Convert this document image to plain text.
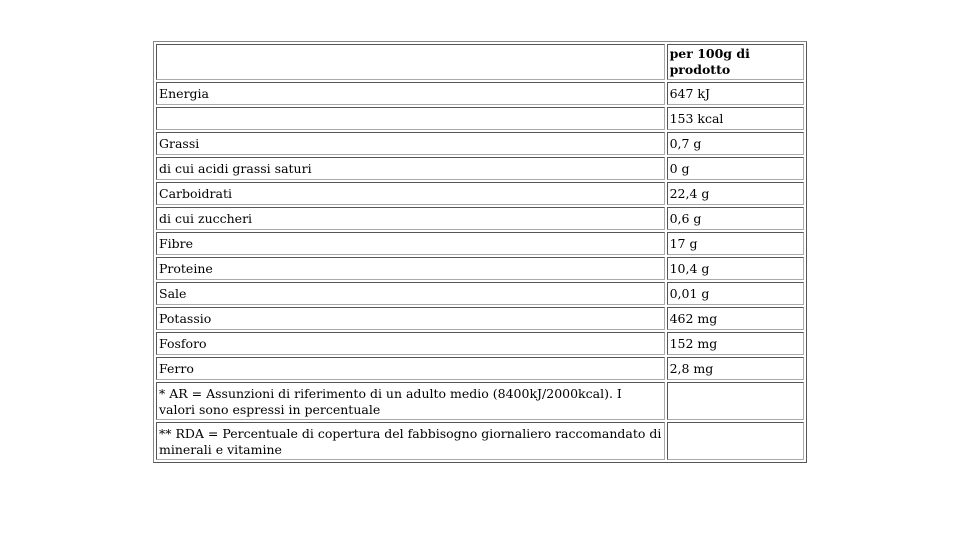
	per 100g di prodotto
Energia	647 kJ
	153 kcal
Grassi	0,7 g
di cui acidi grassi saturi	0 g
Carboidrati	22,4 g
di cui zuccheri	0,6 g
Fibre	17 g
Proteine	10,4 g
Sale	0,01 g
Potassio	462 mg
Fosforo	152 mg
Ferro	2,8 mg
* AR = Assunzioni di riferimento di un adulto medio (8400kJ/2000kcal). I valori sono espressi in percentuale	
** RDA = Percentuale di copertura del fabbisogno giornaliero raccomandato di minerali e vitamine	
